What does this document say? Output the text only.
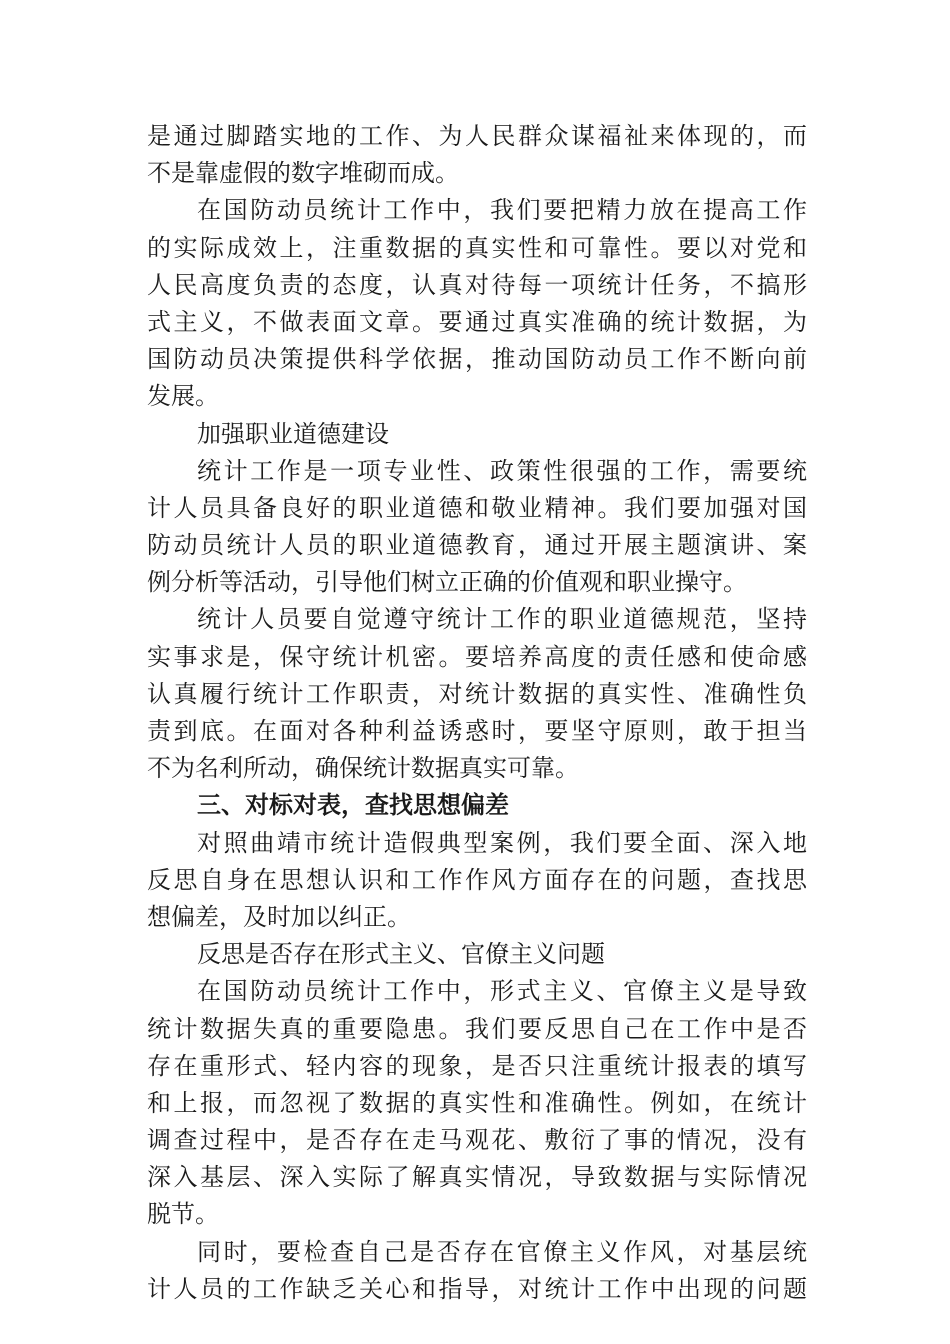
是通过脚踏实地的工作、为人民群众谋福祉来体现的，而
不是靠虚假的数字堆砌而成。
在国防动员统计工作中，我们要把精力放在提高工作
的实际成效上，注重数据的真实性和可靠性。要以对党和
人民高度负责的态度，认真对待每一项统计任务，不搞形
式主义，不做表面文章。要通过真实准确的统计数据，为
国防动员决策提供科学依据，推动国防动员工作不断向前
发展。
加强职业道德建设
统计工作是一项专业性、政策性很强的工作，需要统
计人员具备良好的职业道德和敬业精神。我们要加强对国
防动员统计人员的职业道德教育，通过开展主题演讲、案
例分析等活动，引导他们树立正确的价值观和职业操守。
统计人员要自觉遵守统计工作的职业道德规范，坚持
实事求是，保守统计机密。要培养高度的责任感和使命感
认真履行统计工作职责，对统计数据的真实性、准确性负
责到底。在面对各种利益诱惑时，要坚守原则，敢于担当
不为名利所动，确保统计数据真实可靠。
三、对标对表，查找思想偏差
对照曲靖市统计造假典型案例，我们要全面、深入地
反思自身在思想认识和工作作风方面存在的问题，查找思
想偏差，及时加以纠正。
反思是否存在形式主义、官僚主义问题
在国防动员统计工作中，形式主义、官僚主义是导致
统计数据失真的重要隐患。我们要反思自己在工作中是否
存在重形式、轻内容的现象，是否只注重统计报表的填写
和上报，而忽视了数据的真实性和准确性。例如，在统计
调查过程中，是否存在走马观花、敷衍了事的情况，没有
深入基层、深入实际了解真实情况，导致数据与实际情况
脱节。
同时，要检查自己是否存在官僚主义作风，对基层统
计人员的工作缺乏关心和指导，对统计工作中出现的问题
